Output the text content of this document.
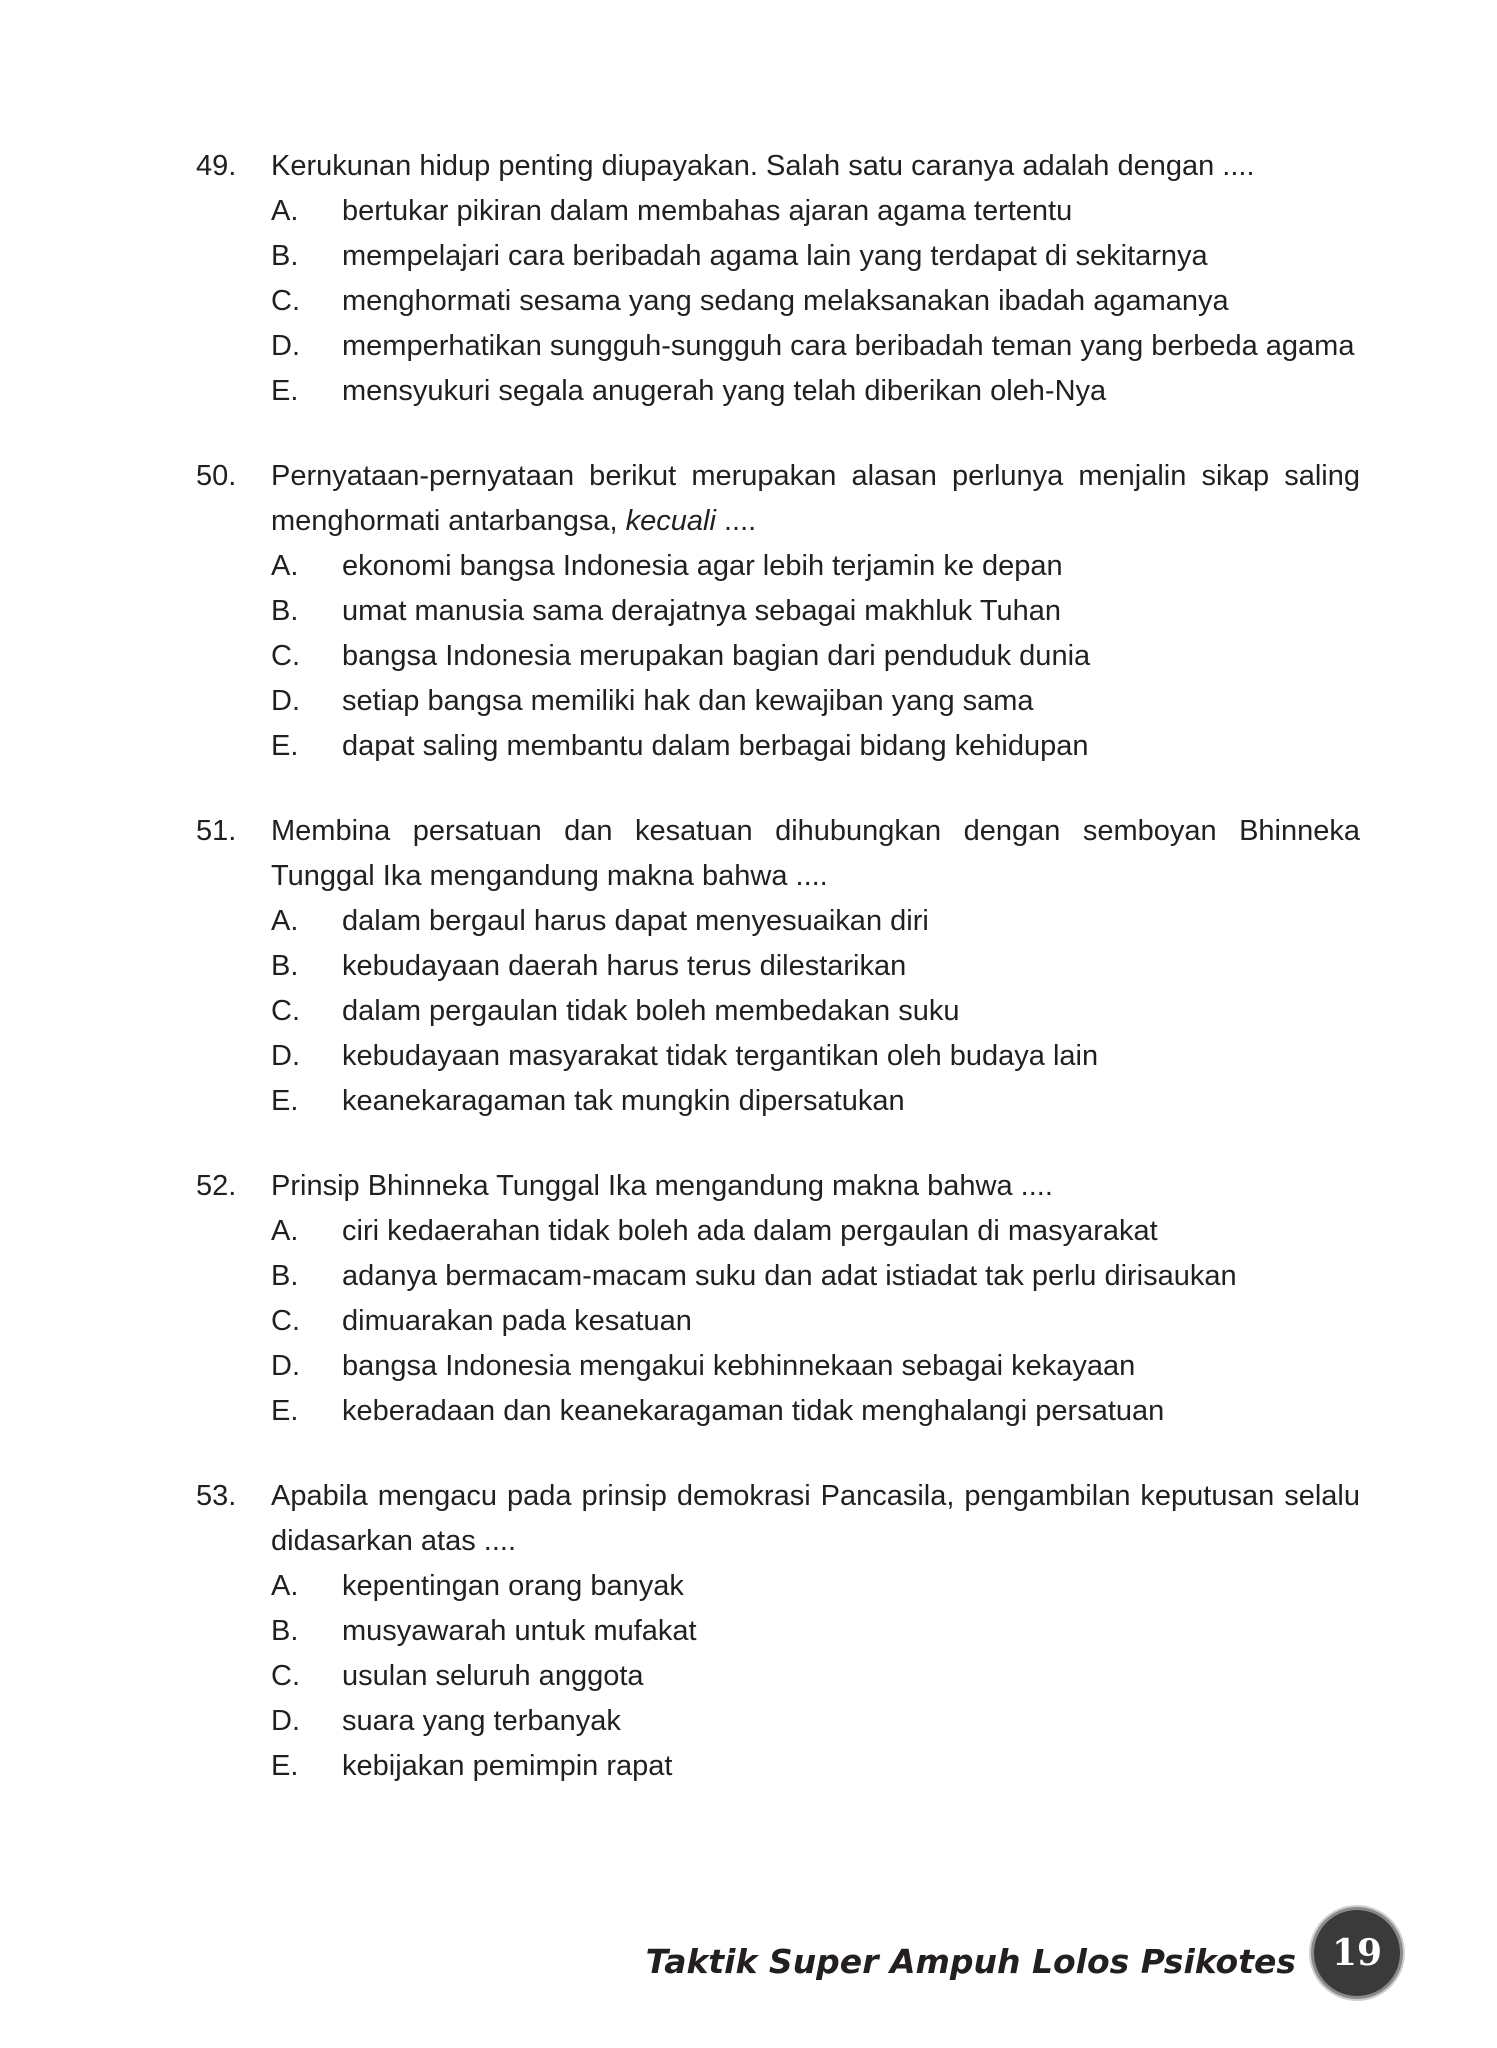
49.	Kerukunan hidup penting diupayakan. Salah satu caranya adalah dengan ....
A.	bertukar pikiran dalam membahas ajaran agama tertentu
B.	mempelajari cara beribadah agama lain yang terdapat di sekitarnya
C.	menghormati sesama yang sedang melaksanakan ibadah agamanya
D.	memperhatikan sungguh-sungguh cara beribadah teman yang berbeda agama
E.	mensyukuri segala anugerah yang telah diberikan oleh-Nya
50.	Pernyataan-pernyataan berikut merupakan alasan perlunya menjalin sikap saling menghormati antarbangsa, kecuali ....
A.	ekonomi bangsa Indonesia agar lebih terjamin ke depan
B.	umat manusia sama derajatnya sebagai makhluk Tuhan
C.	bangsa Indonesia merupakan bagian dari penduduk dunia
D.	setiap bangsa memiliki hak dan kewajiban yang sama
E.	dapat saling membantu dalam berbagai bidang kehidupan
51.	Membina persatuan dan kesatuan dihubungkan dengan semboyan Bhinneka Tunggal Ika mengandung makna bahwa ....
A.	dalam bergaul harus dapat menyesuaikan diri
B.	kebudayaan daerah harus terus dilestarikan
C.	dalam pergaulan tidak boleh membedakan suku
D.	kebudayaan masyarakat tidak tergantikan oleh budaya lain
E.	keanekaragaman tak mungkin dipersatukan
52.	Prinsip Bhinneka Tunggal Ika mengandung makna bahwa ....
A.	ciri kedaerahan tidak boleh ada dalam pergaulan di masyarakat
B.	adanya bermacam-macam suku dan adat istiadat tak perlu dirisaukan
C.	dimuarakan pada kesatuan
D.	bangsa Indonesia mengakui kebhinnekaan sebagai kekayaan
E.	keberadaan dan keanekaragaman tidak menghalangi persatuan
53.	Apabila mengacu pada prinsip demokrasi Pancasila, pengambilan keputusan selalu didasarkan atas ....
A.	kepentingan orang banyak
B.	musyawarah untuk mufakat
C.	usulan seluruh anggota
D.	suara yang terbanyak
E.	kebijakan pemimpin rapat
Taktik Super Ampuh Lolos Psikotes 19
